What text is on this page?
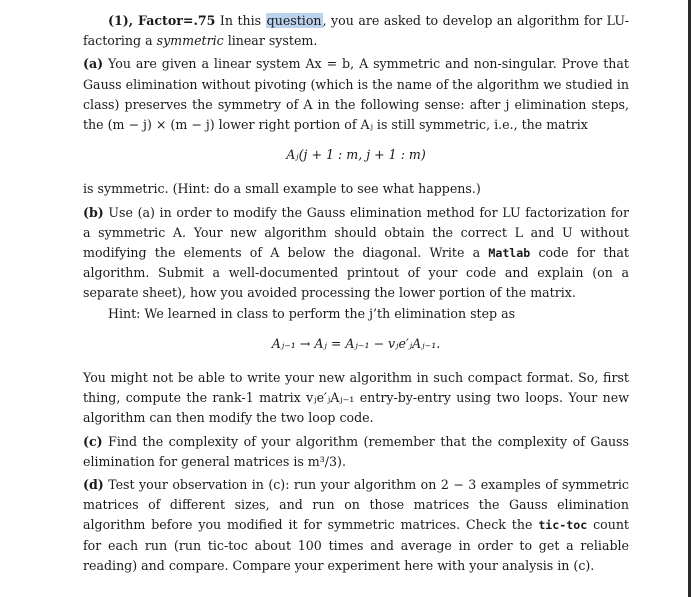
(1), Factor=.75 In this question, you are asked to develop an algorithm for LU-factoring a symmetric linear system.

(a) You are given a linear system Ax = b, A symmetric and non-singular. Prove that Gauss elimination without pivoting (which is the name of the algorithm we studied in class) preserves the symmetry of A in the following sense: after j elimination steps, the (m − j) × (m − j) lower right portion of Aⱼ is still symmetric, i.e., the matrix

Aⱼ(j + 1 : m, j + 1 : m)

is symmetric. (Hint: do a small example to see what happens.)

(b) Use (a) in order to modify the Gauss elimination method for LU factorization for a symmetric A. Your new algorithm should obtain the correct L and U without modifying the elements of A below the diagonal. Write a Matlab code for that algorithm. Submit a well-documented printout of your code and explain (on a separate sheet), how you avoided processing the lower portion of the matrix.

Hint: We learned in class to perform the j’th elimination step as

Aⱼ₋₁ → Aⱼ = Aⱼ₋₁ − vⱼe′ⱼAⱼ₋₁.

You might not be able to write your new algorithm in such compact format. So, first thing, compute the rank-1 matrix vⱼe′ⱼAⱼ₋₁ entry-by-entry using two loops. Your new algorithm can then modify the two loop code.

(c) Find the complexity of your algorithm (remember that the complexity of Gauss elimination for general matrices is m³/3).

(d) Test your observation in (c): run your algorithm on 2 − 3 examples of symmetric matrices of different sizes, and run on those matrices the Gauss elimination algorithm before you modified it for symmetric matrices. Check the tic-toc count for each run (run tic-toc about 100 times and average in order to get a reliable reading) and compare. Compare your experiment here with your analysis in (c).
